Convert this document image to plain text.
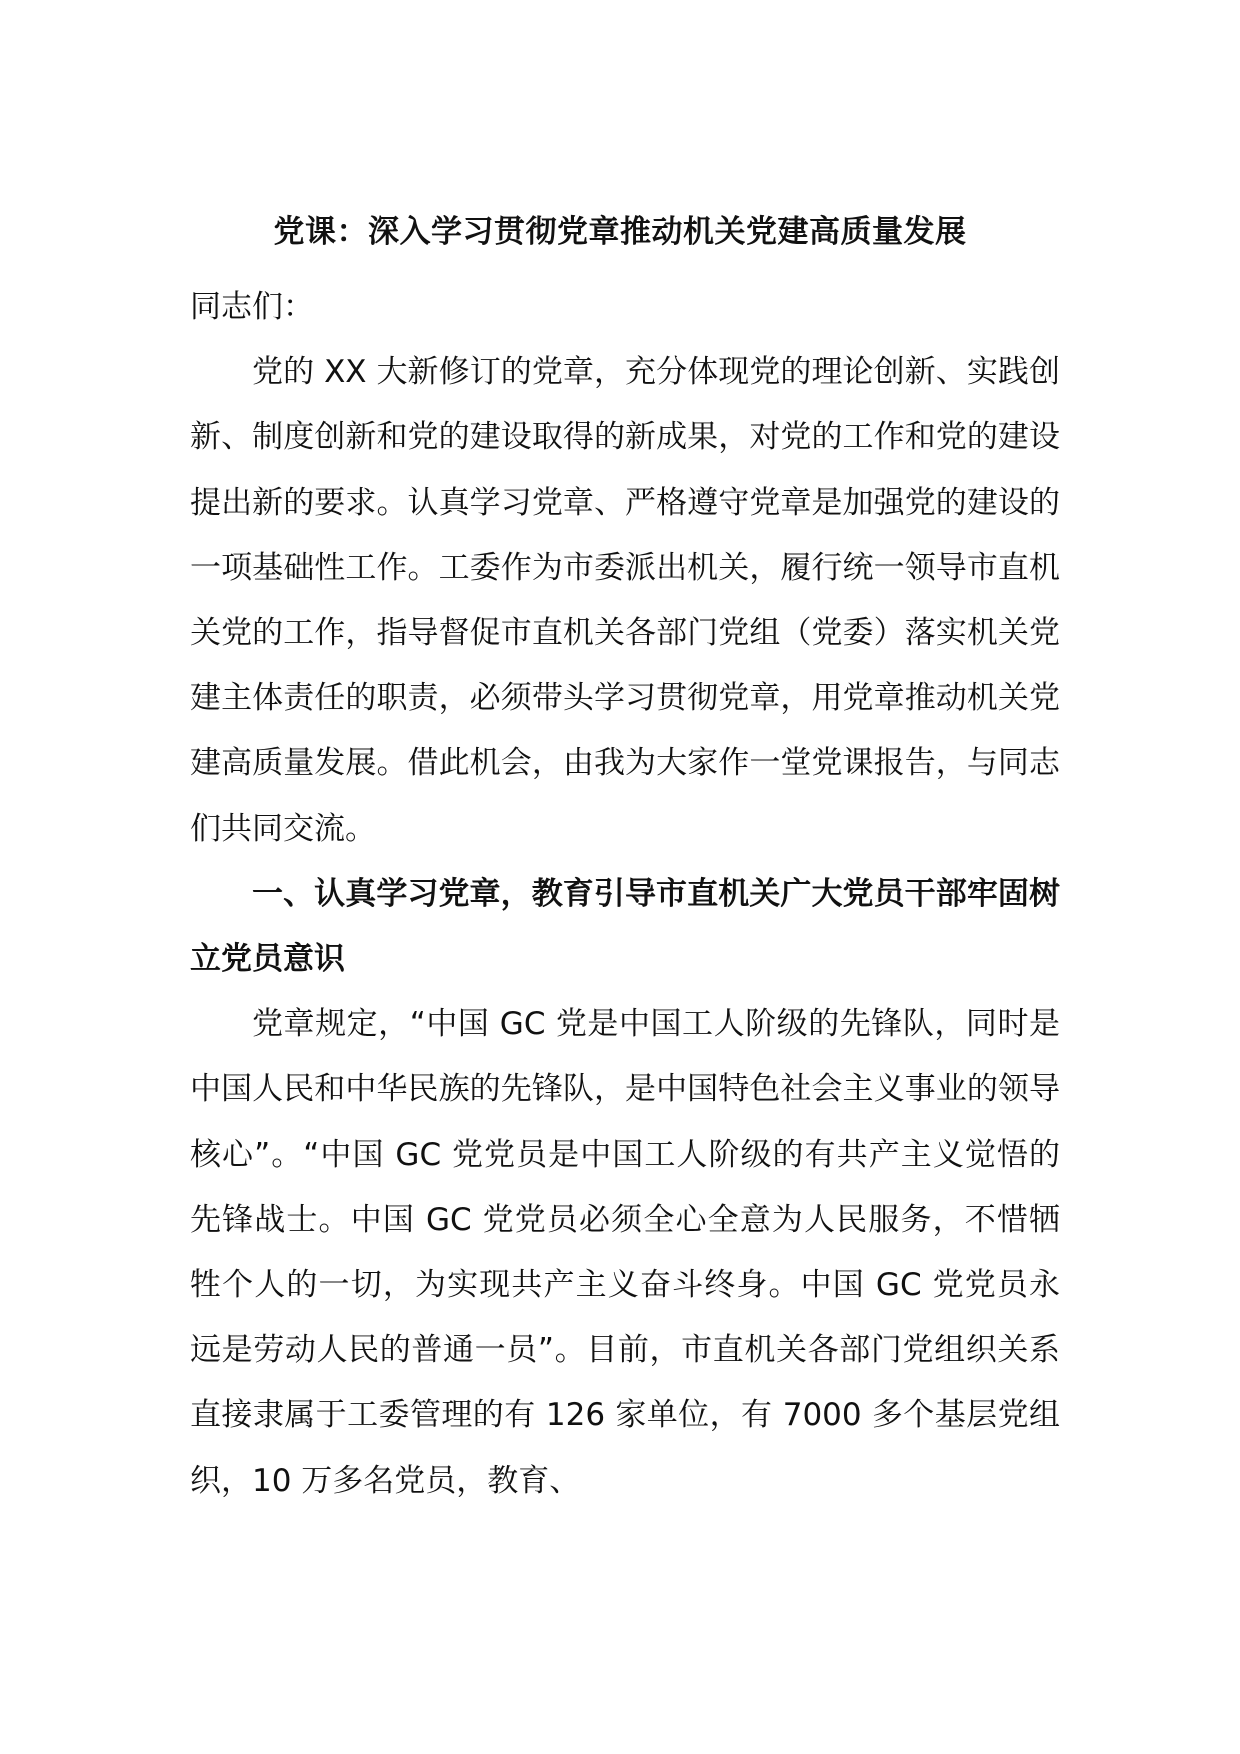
党课：深入学习贯彻党章推动机关党建高质量发展

同志们：

党的 XX 大新修订的党章，充分体现党的理论创新、实践创新、制度创新和党的建设取得的新成果，对党的工作和党的建设提出新的要求。认真学习党章、严格遵守党章是加强党的建设的一项基础性工作。工委作为市委派出机关，履行统一领导市直机关党的工作，指导督促市直机关各部门党组（党委）落实机关党建主体责任的职责，必须带头学习贯彻党章，用党章推动机关党建高质量发展。借此机会，由我为大家作一堂党课报告，与同志们共同交流。

一、认真学习党章，教育引导市直机关广大党员干部牢固树立党员意识

党章规定，“中国 GC 党是中国工人阶级的先锋队，同时是中国人民和中华民族的先锋队，是中国特色社会主义事业的领导核心”。“中国 GC 党党员是中国工人阶级的有共产主义觉悟的先锋战士。中国 GC 党党员必须全心全意为人民服务，不惜牺牲个人的一切，为实现共产主义奋斗终身。中国 GC 党党员永远是劳动人民的普通一员”。目前，市直机关各部门党组织关系直接隶属于工委管理的有 126 家单位，有 7000 多个基层党组织，10 万多名党员，教育、
